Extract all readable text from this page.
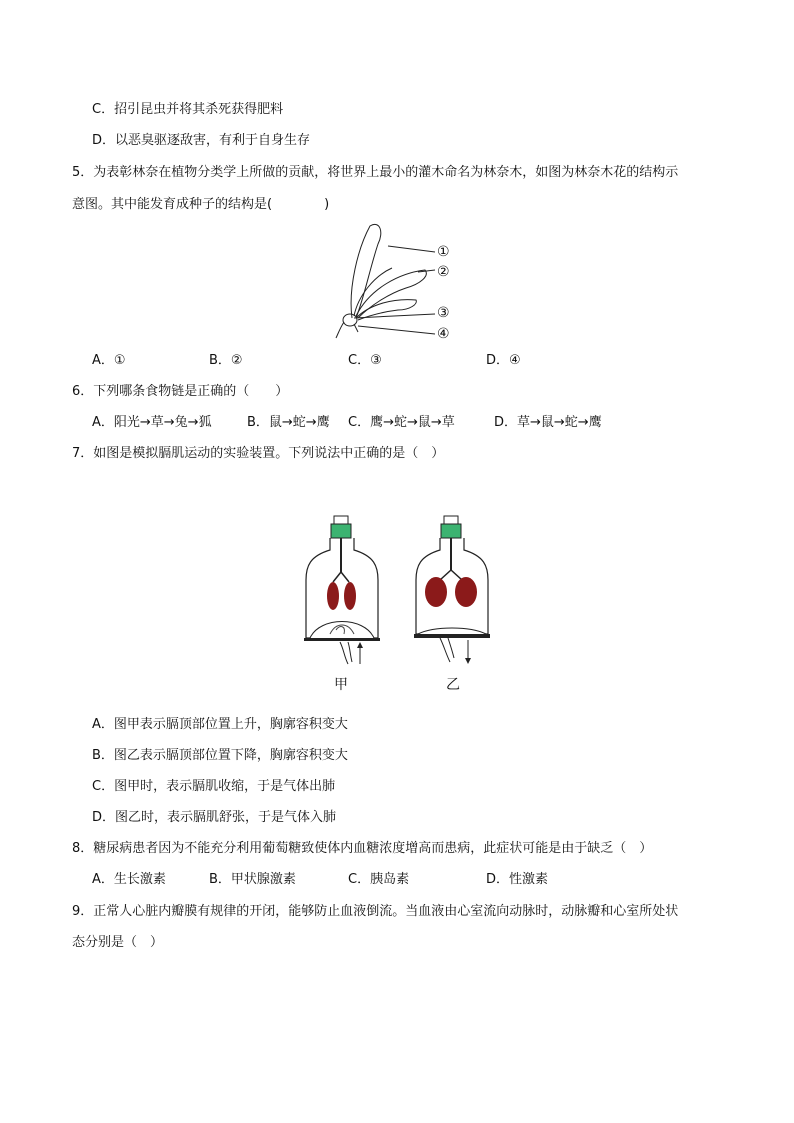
C．招引昆虫并将其杀死获得肥料
D．以恶臭驱逐敌害，有利于自身生存
5．为表彰林奈在植物分类学上所做的贡献，将世界上最小的灌木命名为林奈木，如图为林奈木花的结构示
意图。其中能发育成种子的结构是(　　　　)
①
②
③
④
A．①	B．②	C．③	D．④
6．下列哪条食物链是正确的（　　）
A．阳光→草→兔→狐	B．鼠→蛇→鹰 C．鹰→蛇→鼠→草	D．草→鼠→蛇→鹰
7．如图是模拟膈肌运动的实验装置。下列说法中正确的是（　）
甲	乙
A．图甲表示膈顶部位置上升，胸廓容积变大
B．图乙表示膈顶部位置下降，胸廓容积变大
C．图甲时，表示膈肌收缩，于是气体出肺
D．图乙时，表示膈肌舒张，于是气体入肺
8．糖尿病患者因为不能充分利用葡萄糖致使体内血糖浓度增高而患病，此症状可能是由于缺乏（　）
A．生长激素	B．甲状腺激素	C．胰岛素	D．性激素
9．正常人心脏内瓣膜有规律的开闭，能够防止血液倒流。当血液由心室流向动脉时，动脉瓣和心室所处状
态分别是（　）
